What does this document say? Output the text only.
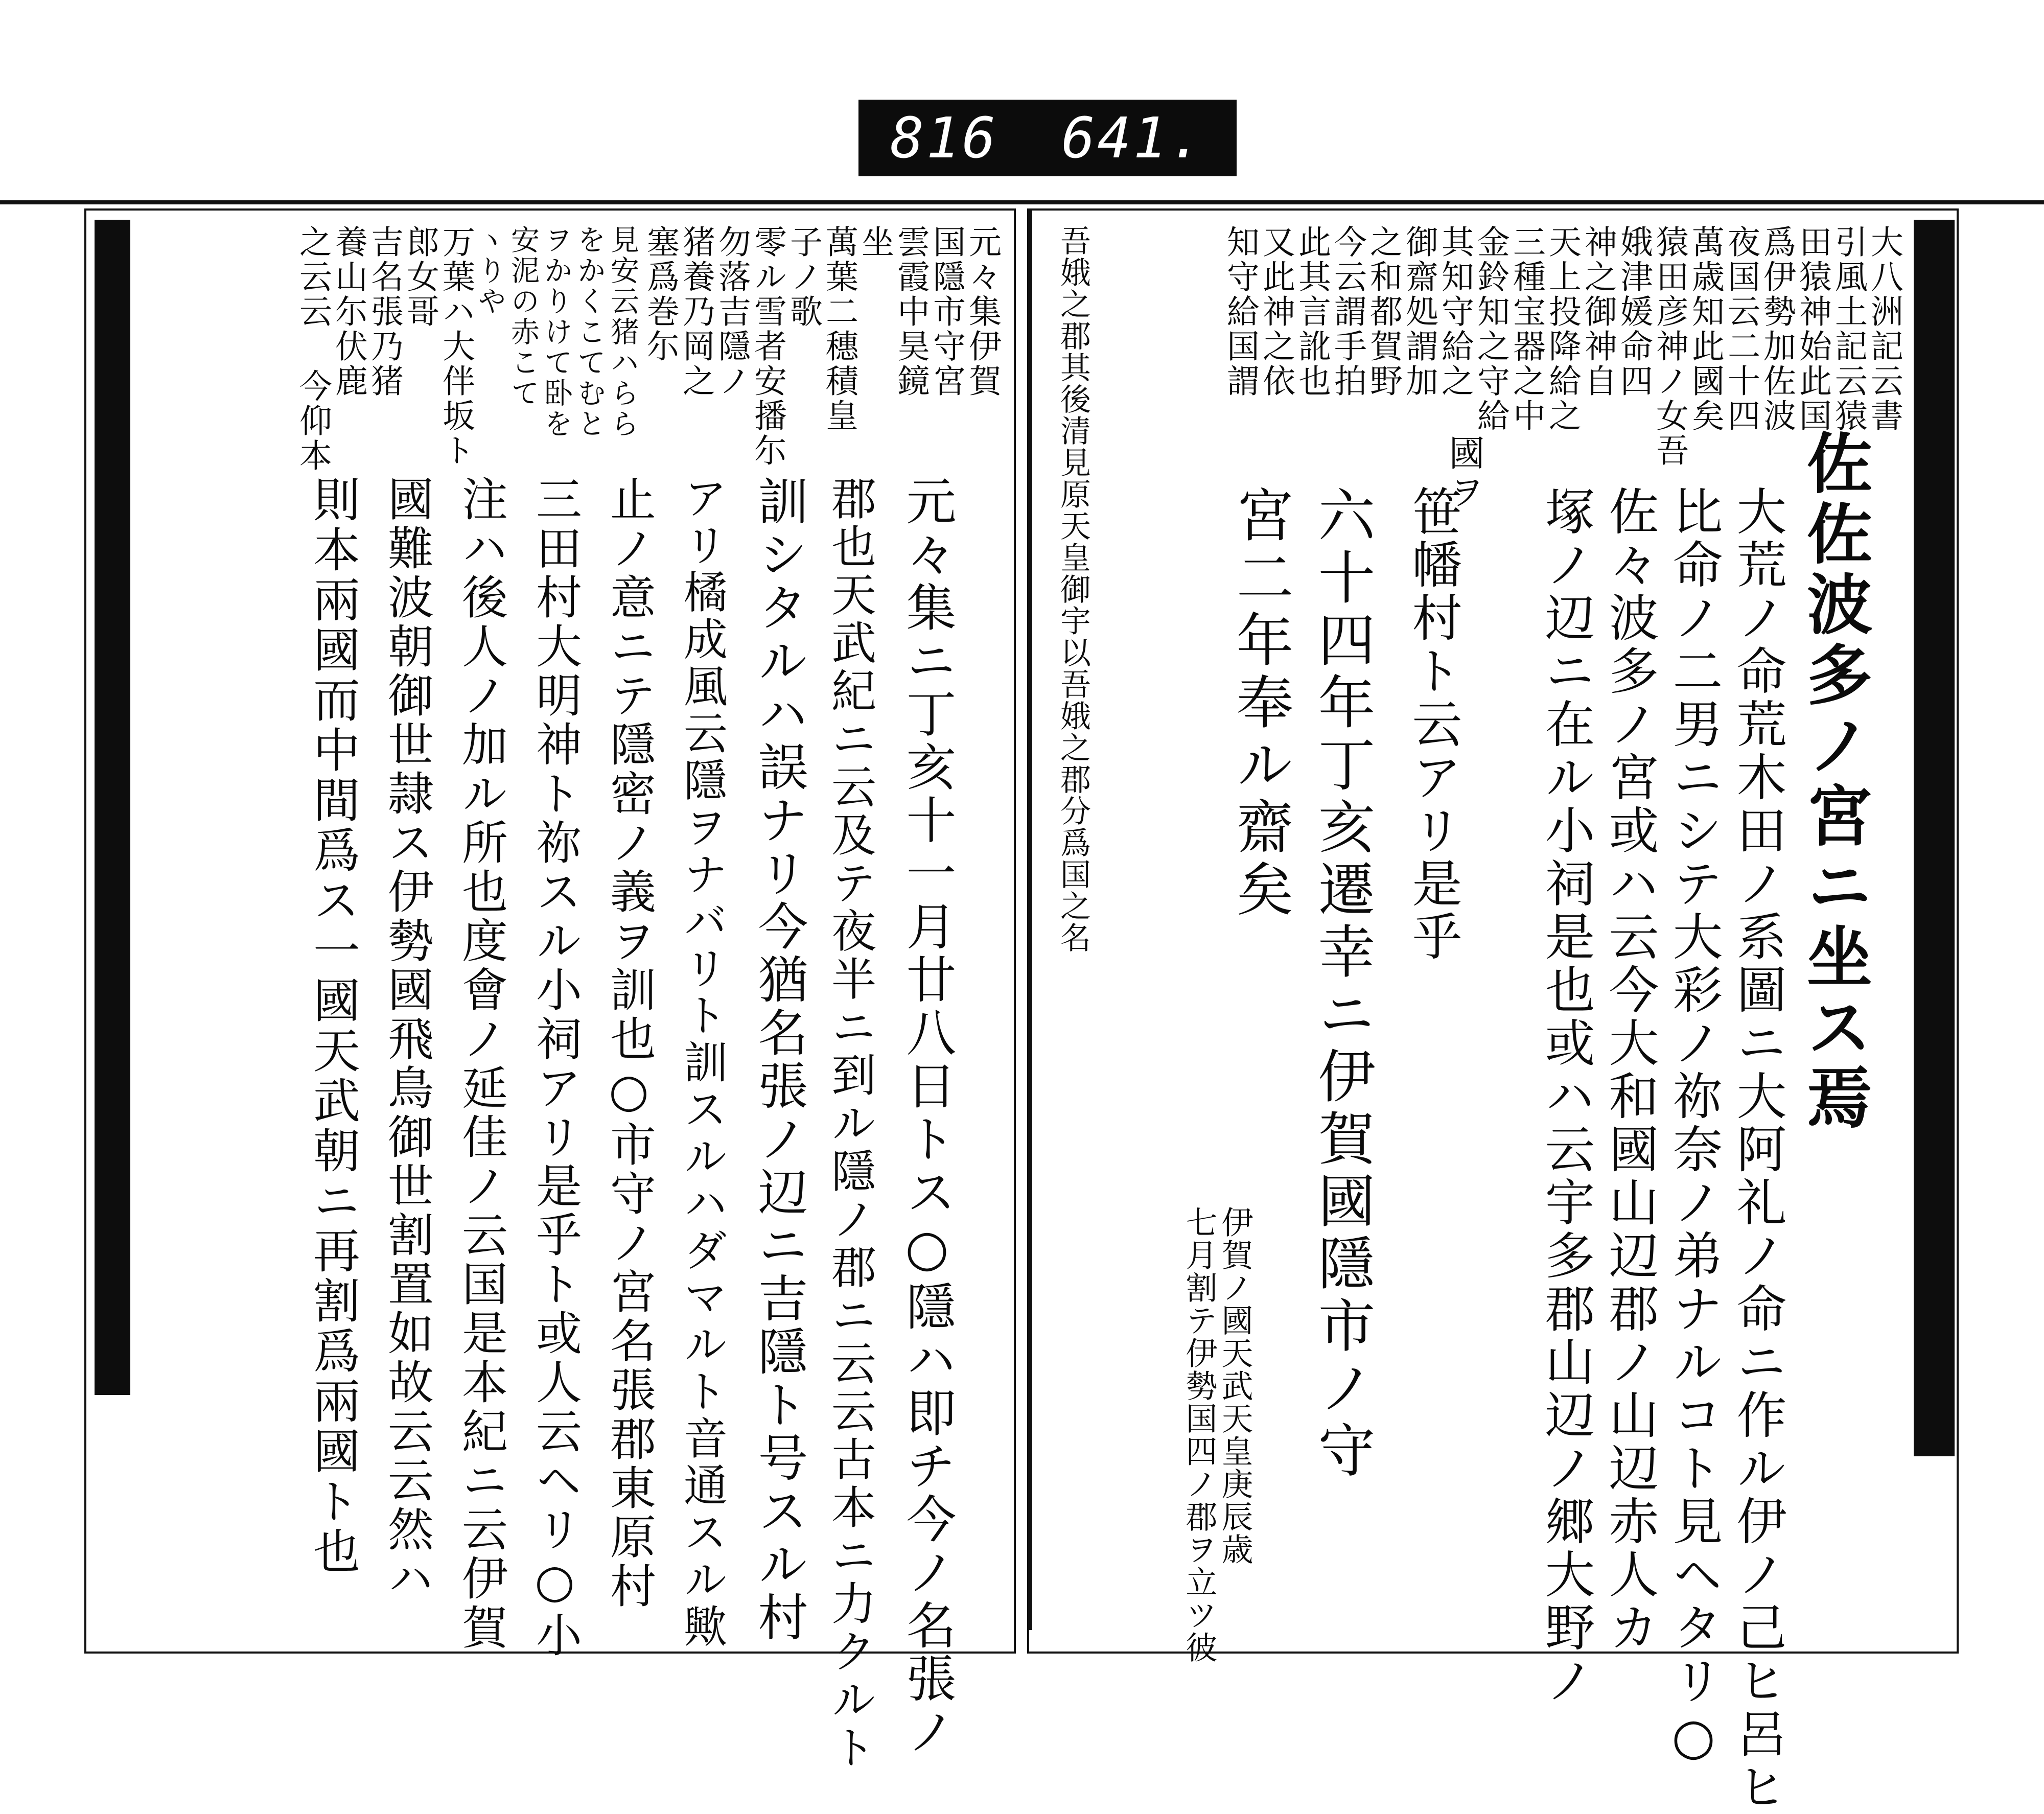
816 641.
大八洲記云書
引風土記云猿
田猿神始此国
爲伊勢加佐波
夜国云二十四
萬歳知此國矣
猿田彦神ノ女吾
娥津媛命四
神之御神自
天上投降給之
三種宝器之中
金鈴知之守給
其知守給之
御齋処謂加
之和都賀野
今云謂手拍
此其言訛也
又此神之依
知守給国謂
吾娥之郡其後清見原天皇御宇以吾娥之郡分爲国之名	佐佐波多ノ宮ニ坐ス焉
大荒ノ命荒木田ノ系圖ニ大阿礼ノ命ニ作ル伊ノ己ヒ呂ヒ
比命ノ二男ニシテ大彩ノ祢奈ノ弟ナルコト見ヘタリ○
佐々波多ノ宮或ハ云今大和國山辺郡ノ山辺赤人カ
塚ノ辺ニ在ル小祠是也或ハ云宇多郡山辺ノ郷大野ノ
笹幡村ト云アリ是乎
國ヲ
六十四年丁亥遷幸ニ伊賀國隱市ノ守
宮二年奉ル齋矣
伊賀ノ國天武天皇庚辰歳
七月割テ伊勢国四ノ郡ヲ立ツ彼
元々集伊賀
国隱市守宮
雲霞中昊鏡
坐
萬葉二穗積皇
子ノ歌
零ル雪者安播尓
勿落吉隱ノ
猪養乃岡之
塞爲巻尓
見安云猪ハらら
をかくこてむと
ヲかりけて卧を
安泥の赤こて
ヽりや
万葉ハ大伴坂ト
郎女哥
吉名張乃猪
養山尓伏鹿
之云云 今仰本
元々集ニ丁亥十一月廿八日トス○隱ハ即チ今ノ名張ノ
郡也天武紀ニ云及テ夜半ニ到ル隱ノ郡ニ云云古本ニ力クルト
訓シタルハ誤ナリ今猶名張ノ辺ニ吉隱ト号スル村
アリ橘成風云隱ヲナバリト訓スルハダマルト音通スル歟
止ノ意ニテ隱密ノ義ヲ訓也○市守ノ宮名張郡東原村
三田村大明神ト祢スル小祠アリ是乎ト或人云ヘリ○小
注ハ後人ノ加ル所也度會ノ延佳ノ云国是本紀ニ云伊賀
國難波朝御世隷ス伊勢國飛鳥御世割置如故云云然ハ
則本兩國而中間爲ス一國天武朝ニ再割爲兩國ト也
